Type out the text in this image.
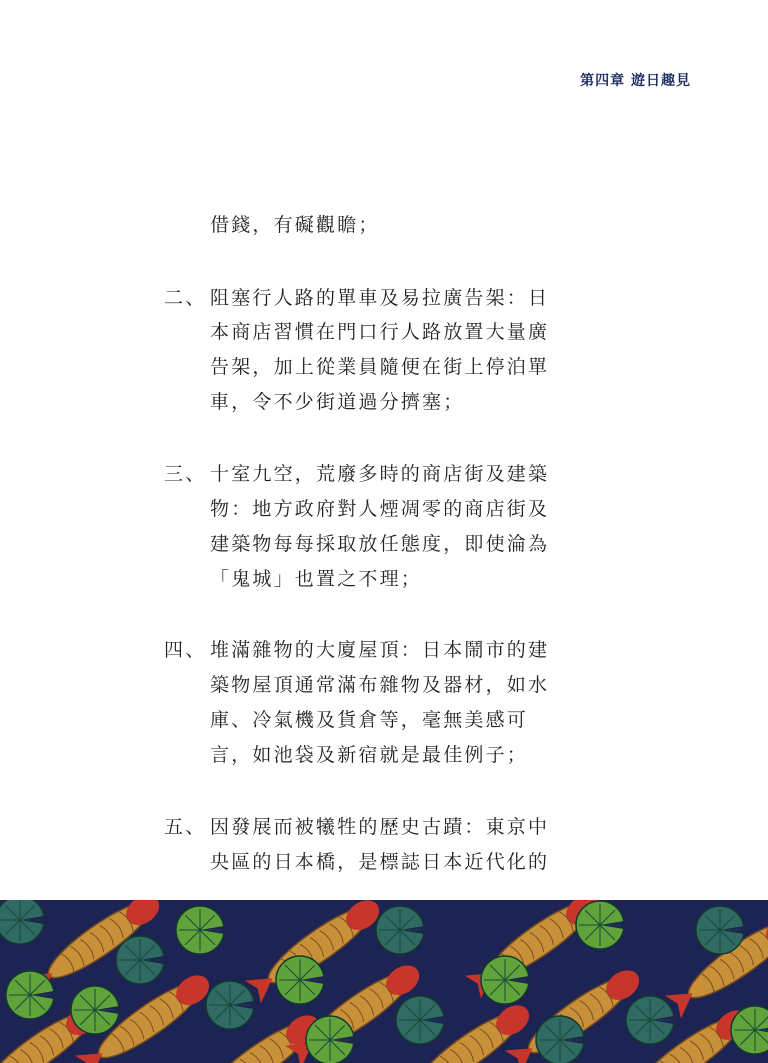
第四章 遊日趣見
借錢，有礙觀瞻；
二、 阻塞行人路的單車及易拉廣告架：日
本商店習慣在門口行人路放置大量廣
告架，加上從業員隨便在街上停泊單
車，令不少街道過分擠塞；
三、 十室九空，荒廢多時的商店街及建築
物：地方政府對人煙凋零的商店街及
建築物每每採取放任態度，即使淪為
「鬼城」也置之不理；
四、 堆滿雜物的大廈屋頂：日本鬧市的建
築物屋頂通常滿布雜物及器材，如水
庫、冷氣機及貨倉等，毫無美感可
言，如池袋及新宿就是最佳例子；
五、 因發展而被犧牲的歷史古蹟：東京中
央區的日本橋，是標誌日本近代化的
